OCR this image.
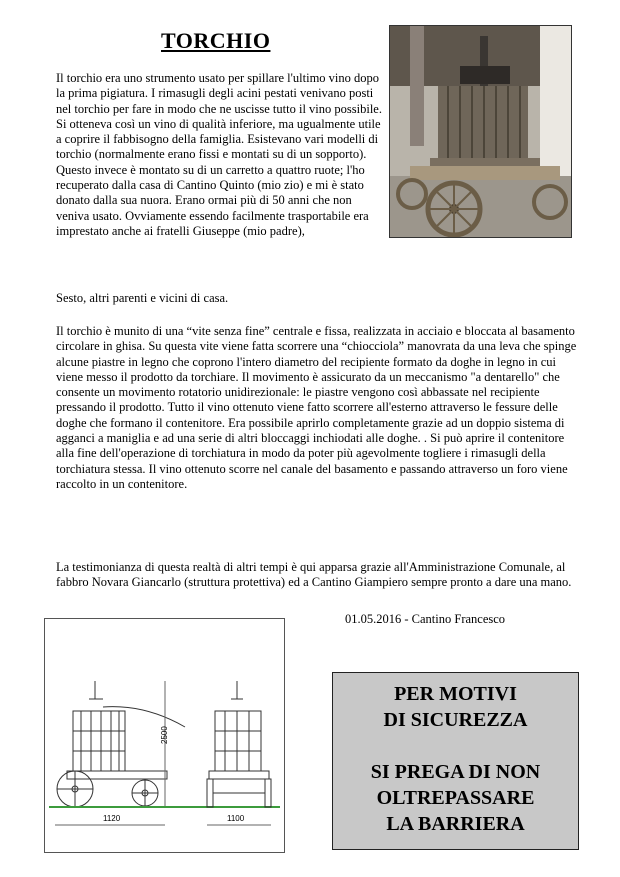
TORCHIO

Il torchio era uno strumento usato per spillare l'ultimo vino dopo la prima pigiatura. I rimasugli degli acini pestati venivano posti nel torchio per fare in modo che ne uscisse tutto il vino possibile. Si otteneva così un vino di qualità inferiore, ma ugualmente utile a coprire il fabbisogno della famiglia. Esistevano vari modelli di torchio (normalmente erano fissi e montati su di un sopporto). Questo invece è montato su di un carretto a quattro ruote; l'ho recuperato dalla casa di Cantino Quinto (mio zio) e mi è stato donato dalla sua nuora. Erano ormai più di 50 anni che non veniva usato. Ovviamente essendo facilmente trasportabile era imprestato anche ai fratelli Giuseppe (mio padre),

Sesto, altri parenti e vicini di casa.

Il torchio è munito di una “vite senza fine” centrale e fissa, realizzata in acciaio e bloccata al basamento circolare in ghisa. Su questa vite viene fatta scorrere una “chiocciola” manovrata da una leva che spinge alcune piastre in legno che coprono l'intero diametro del recipiente formato da doghe in legno in cui viene messo il prodotto da torchiare. Il movimento è assicurato da un meccanismo "a dentarello" che consente un movimento rotatorio unidirezionale: le piastre vengono così abbassate nel recipiente pressando il prodotto. Tutto il vino ottenuto viene fatto scorrere all'esterno attraverso le fessure delle doghe che formano il contenitore. Era possibile aprirlo completamente grazie ad un doppio sistema di agganci a maniglia e ad una serie di altri bloccaggi inchiodati alle doghe. . Si può aprire il contenitore alla fine dell'operazione di torchiatura in modo da poter più agevolmente togliere i rimasugli della torchiatura stessa. Il vino ottenuto scorre nel canale del basamento e passando attraverso un foro viene raccolto in un contenitore.

La testimonianza di questa realtà di altri tempi è qui apparsa grazie all'Amministrazione Comunale, al fabbro Novara Giancarlo (struttura protettiva) ed a Cantino Giampiero sempre pronto a dare una mano.

01.05.2016 - Cantino Francesco
2500
1120	1100
PER MOTIVI
DI SICUREZZA
SI PREGA DI NON
OLTREPASSARE
LA BARRIERA
